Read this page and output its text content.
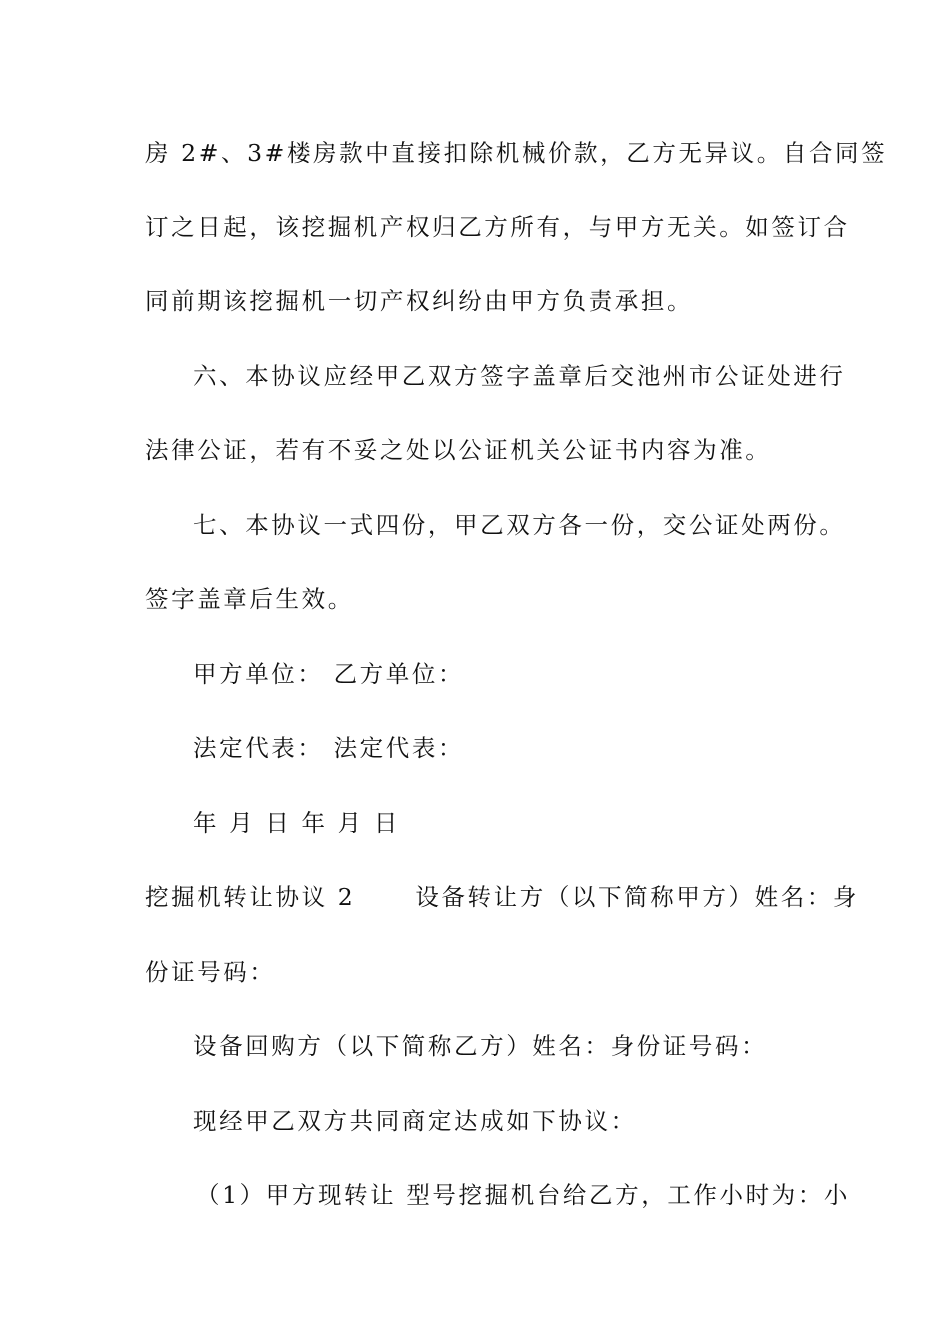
房 2#、3#楼房款中直接扣除机械价款，乙方无异议。自合同签
订之日起，该挖掘机产权归乙方所有，与甲方无关。如签订合
同前期该挖掘机一切产权纠纷由甲方负责承担。
六、本协议应经甲乙双方签字盖章后交池州市公证处进行
法律公证，若有不妥之处以公证机关公证书内容为准。
七、本协议一式四份，甲乙双方各一份，交公证处两份。
签字盖章后生效。
甲方单位： 乙方单位：
法定代表： 法定代表：
年 月 日 年 月 日
挖掘机转让协议 2	设备转让方（以下简称甲方）姓名：身
份证号码：
设备回购方（以下简称乙方）姓名：身份证号码：
现经甲乙双方共同商定达成如下协议：
（1）甲方现转让 型号挖掘机台给乙方，工作小时为：小
